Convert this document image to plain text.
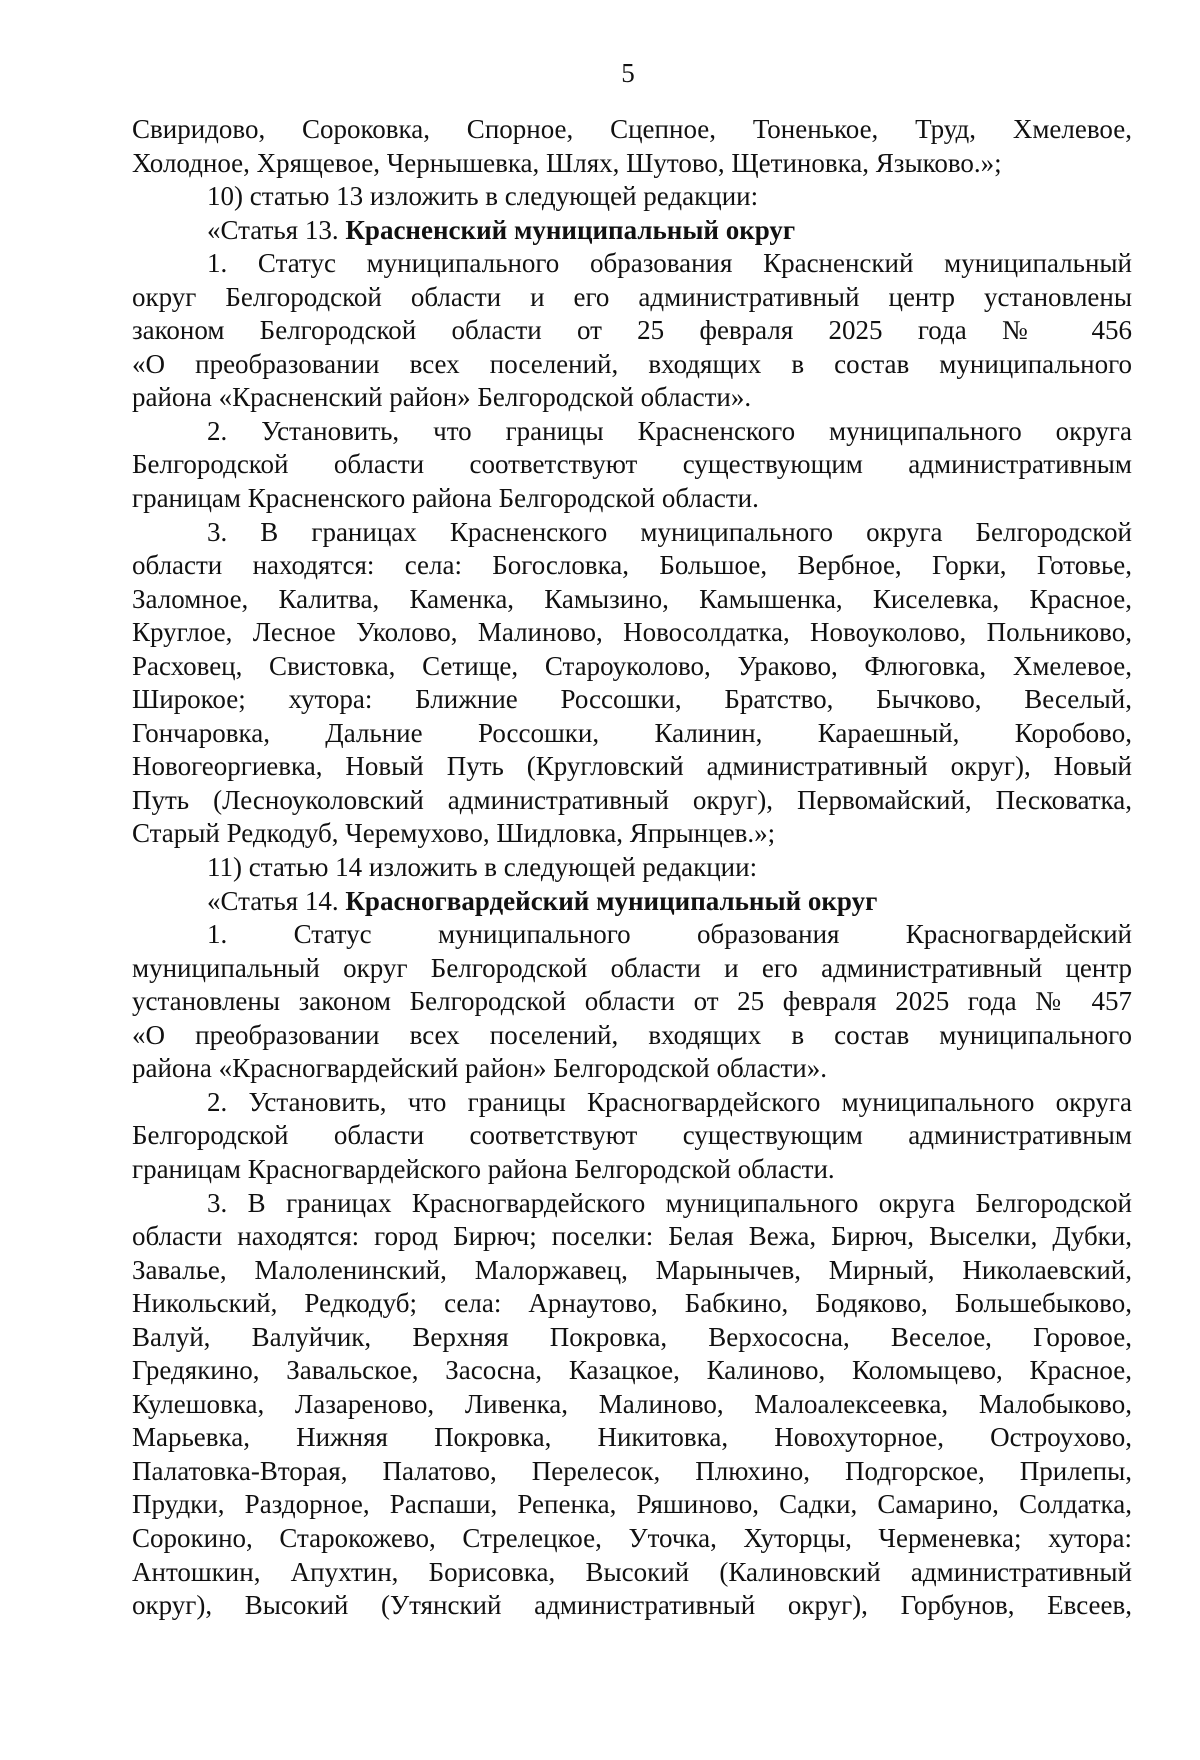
5
Свиридово, Сороковка, Спорное, Сцепное, Тоненькое, Труд, Хмелевое,
Холодное, Хрящевое, Чернышевка, Шлях, Шутово, Щетиновка, Языково.»;
10) статью 13 изложить в следующей редакции:
«Статья 13. Красненский муниципальный округ
1. Статус муниципального образования Красненский муниципальный
округ Белгородской области и его административный центр установлены
законом Белгородской области от 25 февраля 2025 года № 456
«О преобразовании всех поселений, входящих в состав муниципального
района «Красненский район» Белгородской области».
2. Установить, что границы Красненского муниципального округа
Белгородской области соответствуют существующим административным
границам Красненского района Белгородской области.
3. В границах Красненского муниципального округа Белгородской
области находятся: села: Богословка, Большое, Вербное, Горки, Готовье,
Заломное, Калитва, Каменка, Камызино, Камышенка, Киселевка, Красное,
Круглое, Лесное Уколово, Малиново, Новосолдатка, Новоуколово, Польниково,
Расховец, Свистовка, Сетище, Староуколово, Ураково, Флюговка, Хмелевое,
Широкое; хутора: Ближние Россошки, Братство, Бычково, Веселый,
Гончаровка, Дальние Россошки, Калинин, Караешный, Коробово,
Новогеоргиевка, Новый Путь (Кругловский административный округ), Новый
Путь (Лесноуколовский административный округ), Первомайский, Песковатка,
Старый Редкодуб, Черемухово, Шидловка, Япрынцев.»;
11) статью 14 изложить в следующей редакции:
«Статья 14. Красногвардейский муниципальный округ
1. Статус муниципального образования Красногвардейский
муниципальный округ Белгородской области и его административный центр
установлены законом Белгородской области от 25 февраля 2025 года № 457
«О преобразовании всех поселений, входящих в состав муниципального
района «Красногвардейский район» Белгородской области».
2. Установить, что границы Красногвардейского муниципального округа
Белгородской области соответствуют существующим административным
границам Красногвардейского района Белгородской области.
3. В границах Красногвардейского муниципального округа Белгородской
области находятся: город Бирюч; поселки: Белая Вежа, Бирюч, Выселки, Дубки,
Завалье, Малоленинский, Малоржавец, Марынычев, Мирный, Николаевский,
Никольский, Редкодуб; села: Арнаутово, Бабкино, Бодяково, Большебыково,
Валуй, Валуйчик, Верхняя Покровка, Верхососна, Веселое, Горовое,
Гредякино, Завальское, Засосна, Казацкое, Калиново, Коломыцево, Красное,
Кулешовка, Лазареново, Ливенка, Малиново, Малоалексеевка, Малобыково,
Марьевка, Нижняя Покровка, Никитовка, Новохуторное, Остроухово,
Палатовка-Вторая, Палатово, Перелесок, Плюхино, Подгорское, Прилепы,
Прудки, Раздорное, Распаши, Репенка, Ряшиново, Садки, Самарино, Солдатка,
Сорокино, Старокожево, Стрелецкое, Уточка, Хуторцы, Черменевка; хутора:
Антошкин, Апухтин, Борисовка, Высокий (Калиновский административный
округ), Высокий (Утянский административный округ), Горбунов, Евсеев,
